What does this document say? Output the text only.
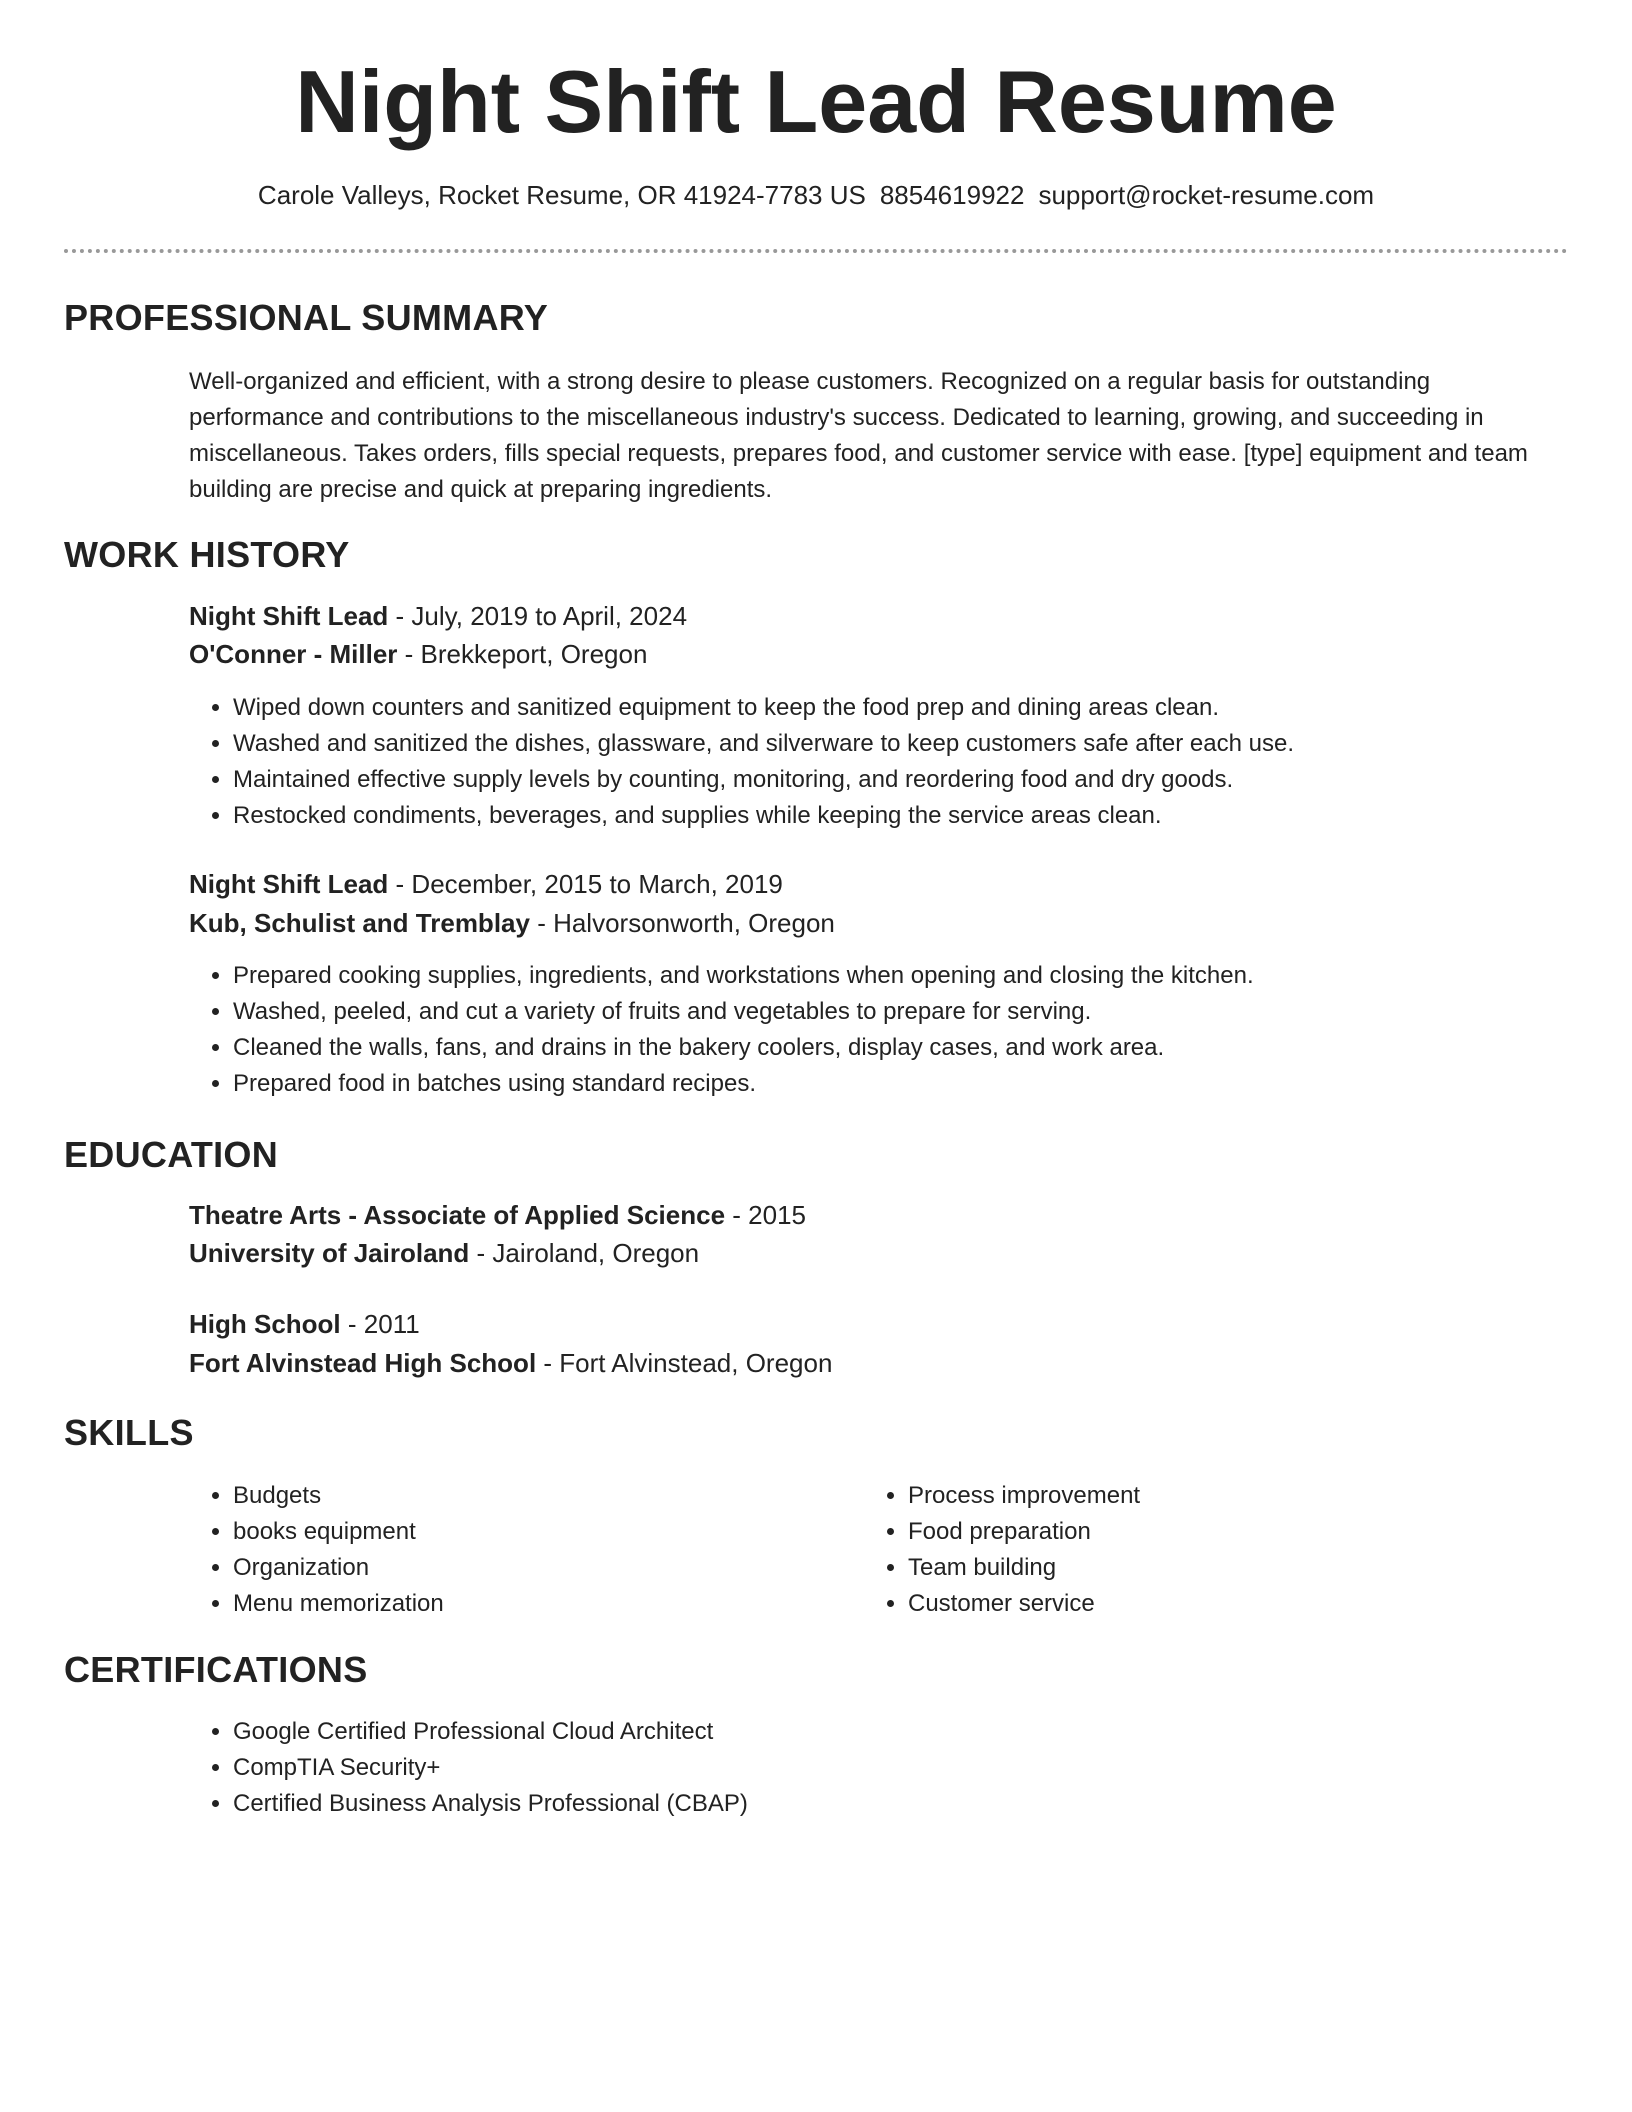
Night Shift Lead Resume
Carole Valleys, Rocket Resume, OR 41924-7783 US 8854619922 support@rocket-resume.com
PROFESSIONAL SUMMARY

Well-organized and efficient, with a strong desire to please customers. Recognized on a regular basis for outstanding performance and contributions to the miscellaneous industry's success. Dedicated to learning, growing, and succeeding in miscellaneous. Takes orders, fills special requests, prepares food, and customer service with ease. [type] equipment and team building are precise and quick at preparing ingredients.

WORK HISTORY
Night Shift Lead - July, 2019 to April, 2024
O'Conner - Miller - Brekkeport, Oregon
• Wiped down counters and sanitized equipment to keep the food prep and dining areas clean.
• Washed and sanitized the dishes, glassware, and silverware to keep customers safe after each use.
• Maintained effective supply levels by counting, monitoring, and reordering food and dry goods.
• Restocked condiments, beverages, and supplies while keeping the service areas clean.
Night Shift Lead - December, 2015 to March, 2019
Kub, Schulist and Tremblay - Halvorsonworth, Oregon
• Prepared cooking supplies, ingredients, and workstations when opening and closing the kitchen.
• Washed, peeled, and cut a variety of fruits and vegetables to prepare for serving.
• Cleaned the walls, fans, and drains in the bakery coolers, display cases, and work area.
• Prepared food in batches using standard recipes.
EDUCATION
Theatre Arts - Associate of Applied Science - 2015
University of Jairoland - Jairoland, Oregon
High School - 2011
Fort Alvinstead High School - Fort Alvinstead, Oregon
SKILLS
• Budgets
• books equipment
• Organization
• Menu memorization
• Process improvement
• Food preparation
• Team building
• Customer service
CERTIFICATIONS
• Google Certified Professional Cloud Architect
• CompTIA Security+
• Certified Business Analysis Professional (CBAP)
